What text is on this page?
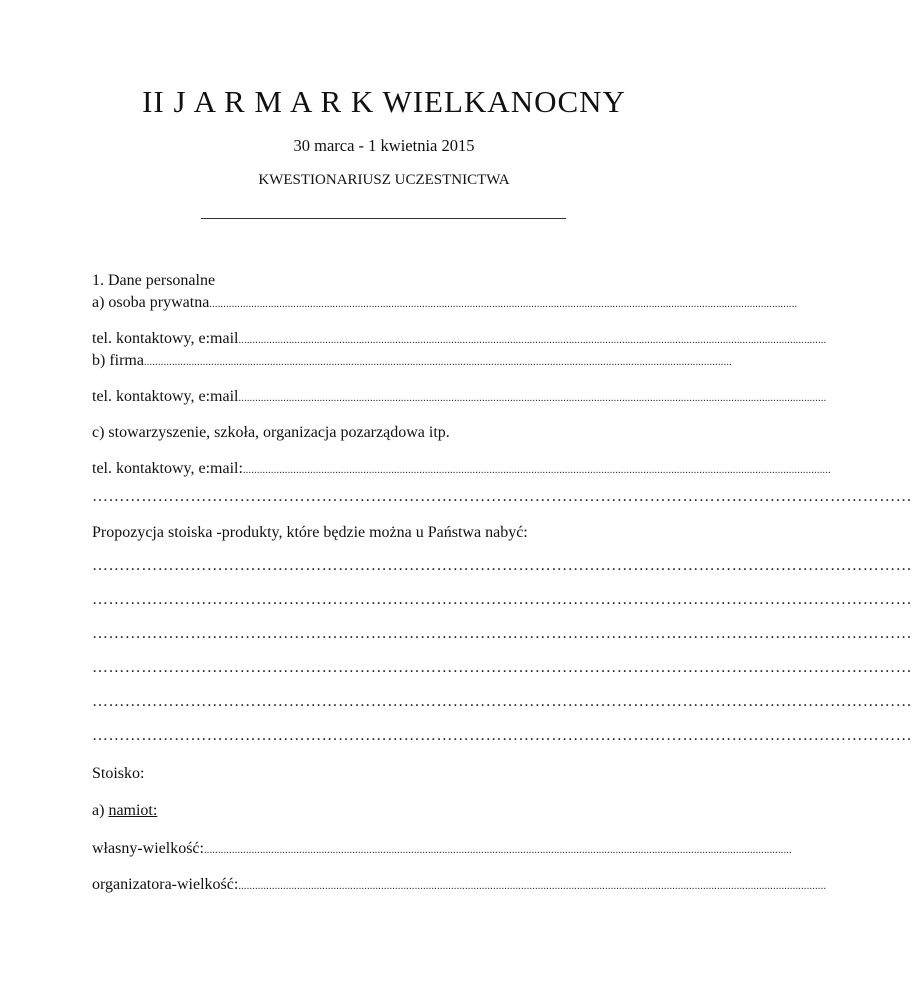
II J A R M A R K WIELKANOCNY
30 marca - 1 kwietnia 2015
KWESTIONARIUSZ UCZESTNICTWA
1. Dane personalne
a) osoba prywatna ..................................................................................................................................................................................................................
tel. kontaktowy, e:mail ..................................................................................................................................................................................................................
b) firma ..................................................................................................................................................................................................................
tel. kontaktowy, e:mail ..................................................................................................................................................................................................................
c) stowarzyszenie, szkoła, organizacja pozarządowa itp.
tel. kontaktowy, e:mail: ..................................................................................................................................................................................................................
……………………………………………………………………………………………………………………………………
Propozycja stoiska -produkty, które będzie można u Państwa nabyć:
……………………………………………………………………………………………………………………………………
……………………………………………………………………………………………………………………………………
……………………………………………………………………………………………………………………………………
……………………………………………………………………………………………………………………………………
……………………………………………………………………………………………………………………………………
……………………………………………………………………………………………………………………………………
Stoisko:
a) namiot:
własny-wielkość: ..................................................................................................................................................................................................................
organizatora-wielkość: ..................................................................................................................................................................................................................
